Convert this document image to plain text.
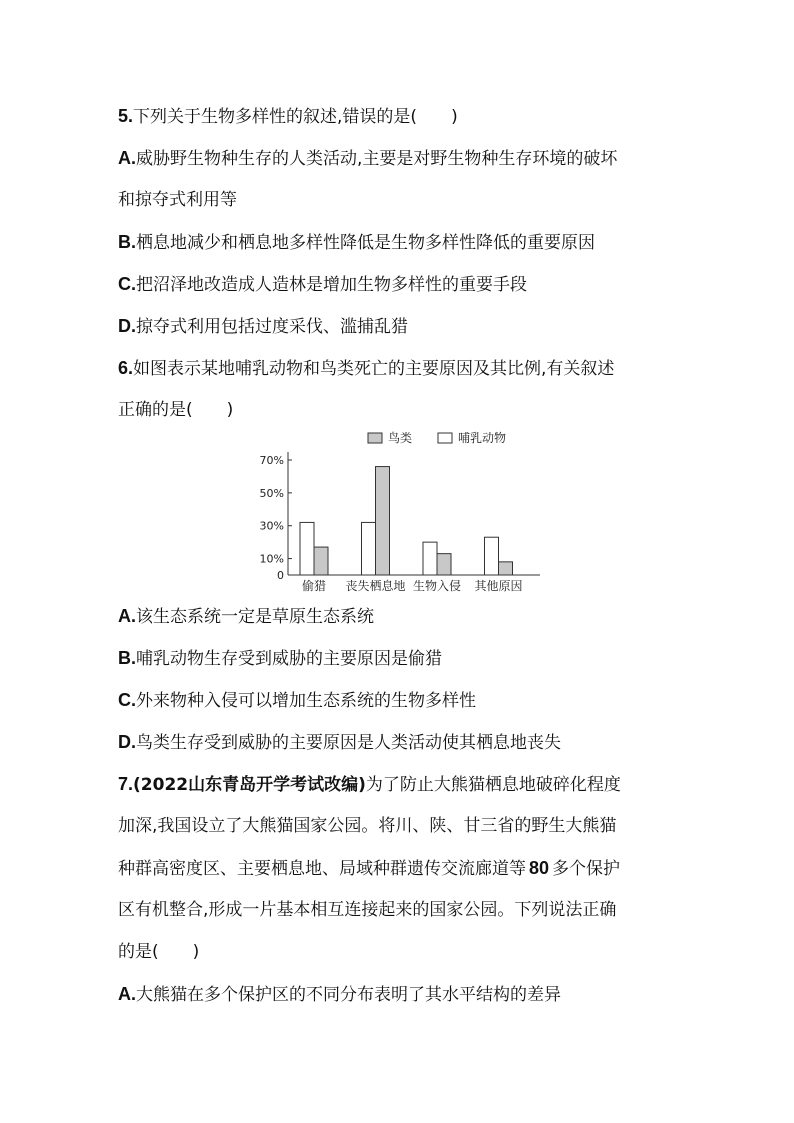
5.下列关于生物多样性的叙述,错误的是( )
A.威胁野生物种生存的人类活动,主要是对野生物种生存环境的破坏
和掠夺式利用等
B.栖息地减少和栖息地多样性降低是生物多样性降低的重要原因
C.把沼泽地改造成人造林是增加生物多样性的重要手段
D.掠夺式利用包括过度采伐、滥捕乱猎
6.如图表示某地哺乳动物和鸟类死亡的主要原因及其比例,有关叙述
正确的是( )
鸟类	哺乳动物
70%
50%
30%
10%
0
偷猎 丧失栖息地 生物入侵 其他原因
A.该生态系统一定是草原生态系统
B.哺乳动物生存受到威胁的主要原因是偷猎
C.外来物种入侵可以增加生态系统的生物多样性
D.鸟类生存受到威胁的主要原因是人类活动使其栖息地丧失
7.(2022山东青岛开学考试改编)为了防止大熊猫栖息地破碎化程度
加深,我国设立了大熊猫国家公园。将川、陕、甘三省的野生大熊猫
种群高密度区、主要栖息地、局域种群遗传交流廊道等 80 多个保护
区有机整合,形成一片基本相互连接起来的国家公园。下列说法正确
的是( )
A.大熊猫在多个保护区的不同分布表明了其水平结构的差异
